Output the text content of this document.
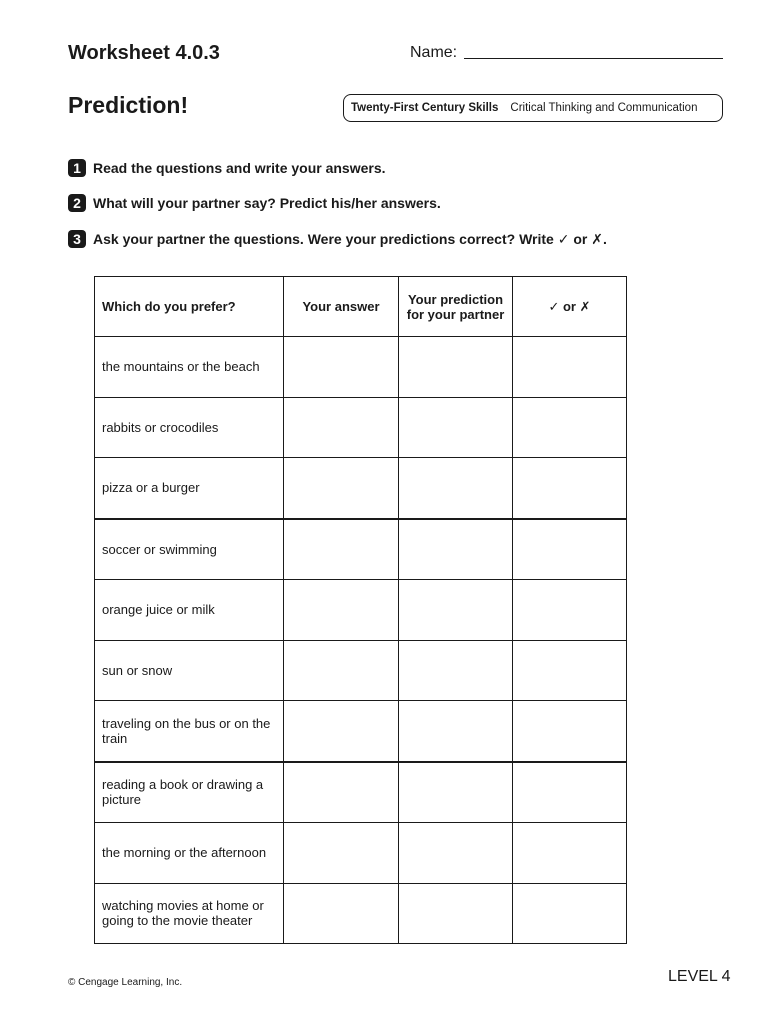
Worksheet 4.0.3	Name:
Prediction!	Twenty-First Century Skills Critical Thinking and Communication
1 Read the questions and write your answers.
2 What will your partner say? Predict his/her answers.
3 Ask your partner the questions. Were your predictions correct? Write ✓ or ✗.
Which do you prefer?	Your answer	Your prediction for your partner	✓ or ✗
the mountains or the beach			
rabbits or crocodiles			
pizza or a burger			
soccer or swimming			
orange juice or milk			
sun or snow			
traveling on the bus or on the train			
reading a book or drawing a picture			
the morning or the afternoon			
watching movies at home or going to the movie theater			
© Cengage Learning, Inc.	LEVEL 4
